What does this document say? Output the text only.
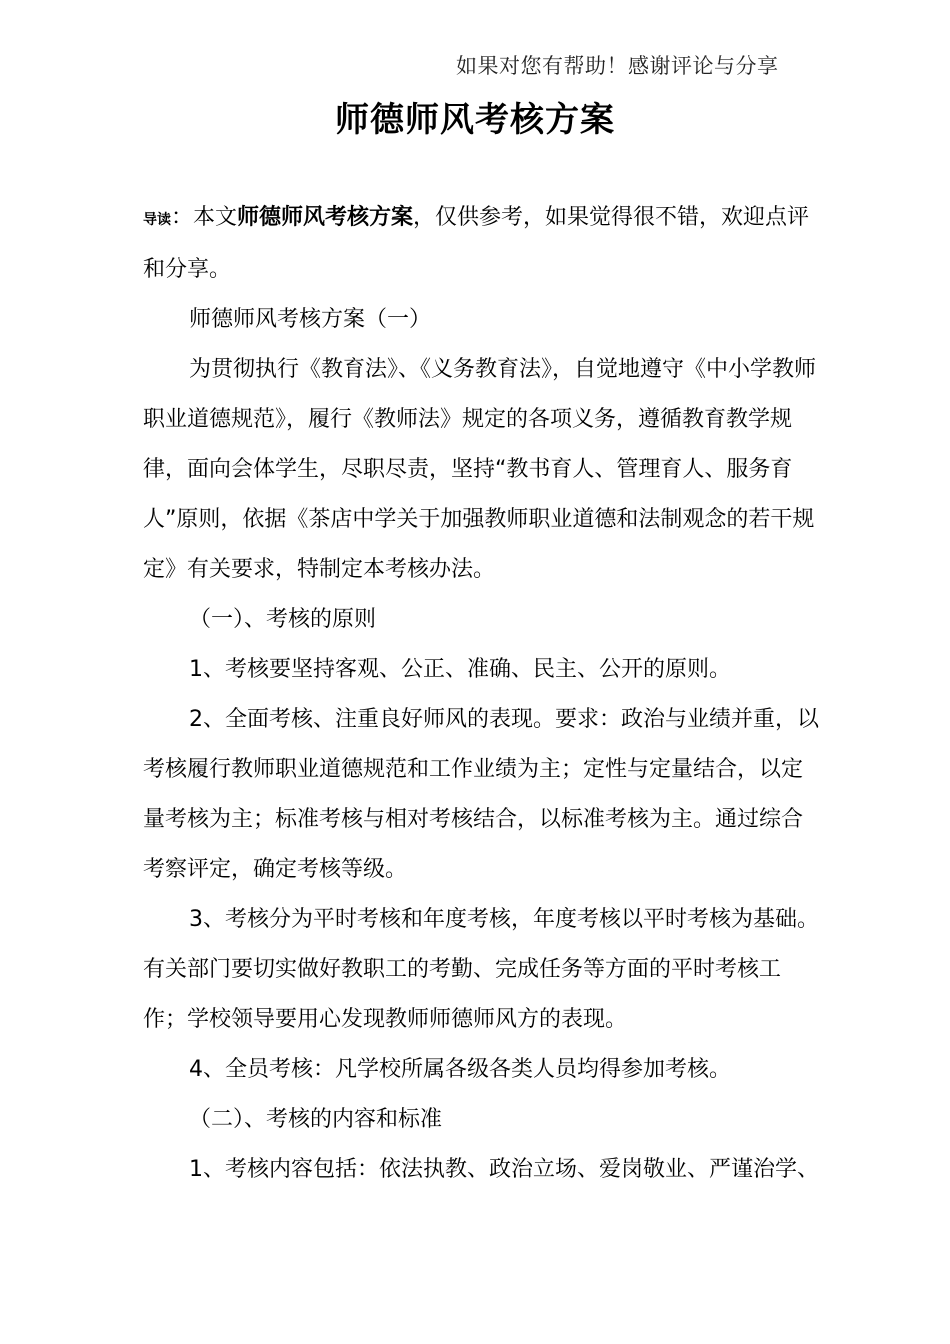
如果对您有帮助！感谢评论与分享
师德师风考核方案

导读：本文师德师风考核方案，仅供参考，如果觉得很不错，欢迎点评和分享。

师德师风考核方案（一）

为贯彻执行《教育法》、《义务教育法》，自觉地遵守《中小学教师职业道德规范》，履行《教师法》规定的各项义务，遵循教育教学规律，面向会体学生，尽职尽责，坚持“教书育人、管理育人、服务育人”原则，依据《茶店中学关于加强教师职业道德和法制观念的若干规定》有关要求，特制定本考核办法。

（一）、考核的原则

1、考核要坚持客观、公正、准确、民主、公开的原则。

2、全面考核、注重良好师风的表现。要求：政治与业绩并重，以考核履行教师职业道德规范和工作业绩为主；定性与定量结合，以定量考核为主；标准考核与相对考核结合，以标准考核为主。通过综合考察评定，确定考核等级。

3、考核分为平时考核和年度考核，年度考核以平时考核为基础。有关部门要切实做好教职工的考勤、完成任务等方面的平时考核工作；学校领导要用心发现教师师德师风方的表现。

4、全员考核：凡学校所属各级各类人员均得参加考核。

（二）、考核的内容和标准

1、考核内容包括：依法执教、政治立场、爱岗敬业、严谨治学、
